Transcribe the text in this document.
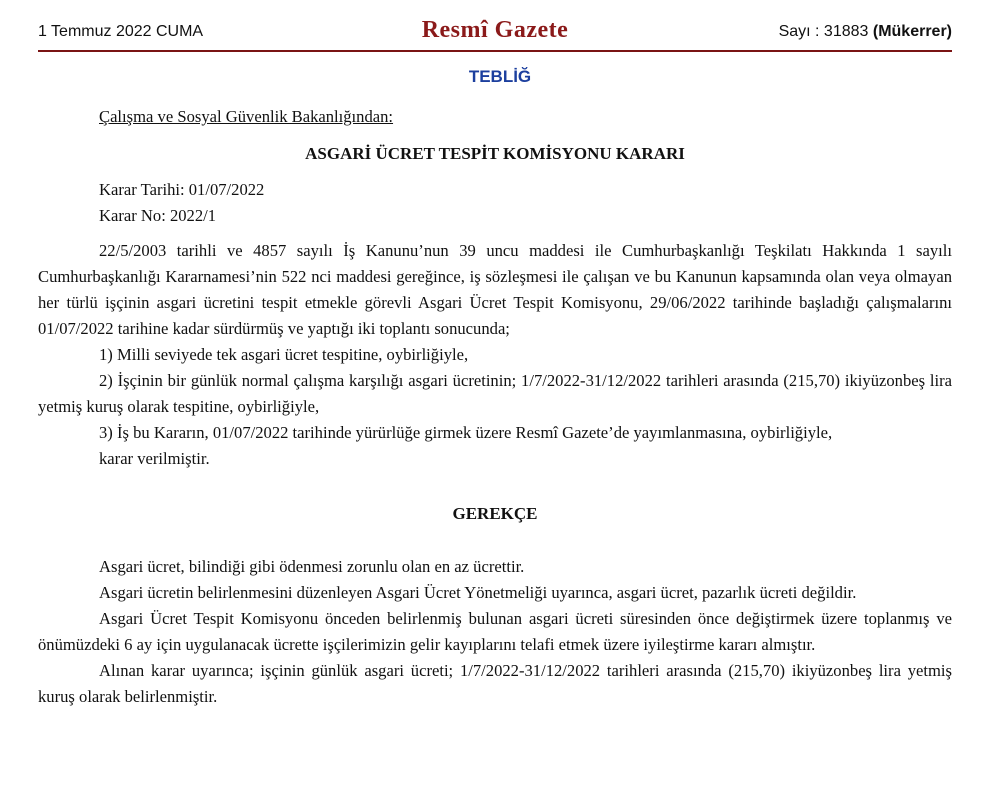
1 Temmuz 2022 CUMA	Resmî Gazete	Sayı : 31883 (Mükerrer)
TEBLİĞ

Çalışma ve Sosyal Güvenlik Bakanlığından:

ASGARİ ÜCRET TESPİT KOMİSYONU KARARI

Karar Tarihi: 01/07/2022
Karar No: 2022/1

22/5/2003 tarihli ve 4857 sayılı İş Kanunu’nun 39 uncu maddesi ile Cumhurbaşkanlığı Teşkilatı Hakkında 1 sayılı Cumhurbaşkanlığı Kararnamesi’nin 522 nci maddesi gereğince, iş sözleşmesi ile çalışan ve bu Kanunun kapsamında olan veya olmayan her türlü işçinin asgari ücretini tespit etmekle görevli Asgari Ücret Tespit Komisyonu, 29/06/2022 tarihinde başladığı çalışmalarını 01/07/2022 tarihine kadar sürdürmüş ve yaptığı iki toplantı sonucunda;

1) Milli seviyede tek asgari ücret tespitine, oybirliğiyle,

2) İşçinin bir günlük normal çalışma karşılığı asgari ücretinin; 1/7/2022-31/12/2022 tarihleri arasında (215,70) ikiyüzonbeş lira yetmiş kuruş olarak tespitine, oybirliğiyle,

3) İş bu Kararın, 01/07/2022 tarihinde yürürlüğe girmek üzere Resmî Gazete’de yayımlanmasına, oybirliğiyle,

karar verilmiştir.

GEREKÇE

Asgari ücret, bilindiği gibi ödenmesi zorunlu olan en az ücrettir.

Asgari ücretin belirlenmesini düzenleyen Asgari Ücret Yönetmeliği uyarınca, asgari ücret, pazarlık ücreti değildir.

Asgari Ücret Tespit Komisyonu önceden belirlenmiş bulunan asgari ücreti süresinden önce değiştirmek üzere toplanmış ve önümüzdeki 6 ay için uygulanacak ücrette işçilerimizin gelir kayıplarını telafi etmek üzere iyileştirme kararı almıştır.

Alınan karar uyarınca; işçinin günlük asgari ücreti; 1/7/2022-31/12/2022 tarihleri arasında (215,70) ikiyüzonbeş lira yetmiş kuruş olarak belirlenmiştir.
